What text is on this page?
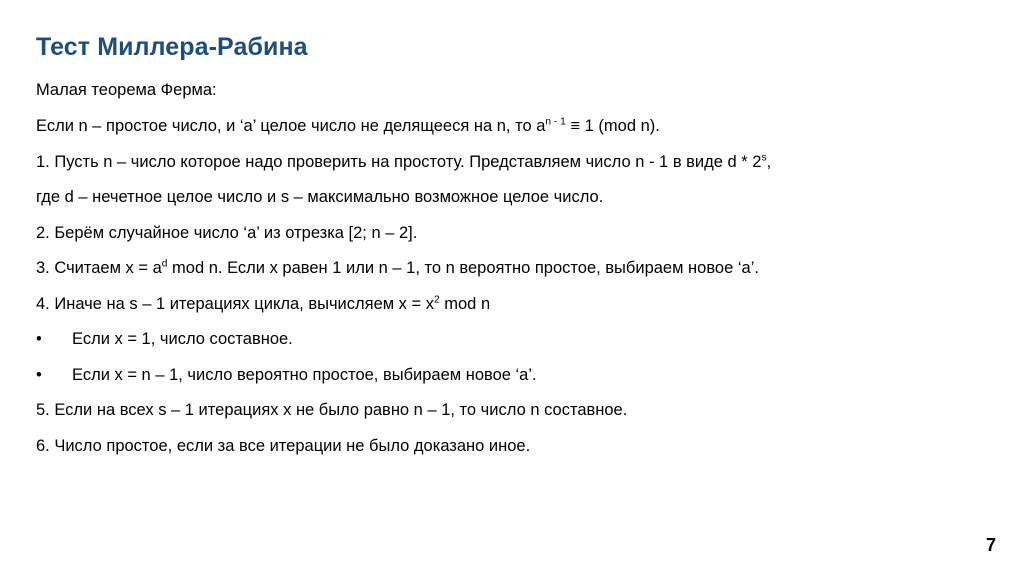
Тест Миллера-Рабина

Малая теорема Ферма:

Если n – простое число, и ‘a’ целое число не делящееся на n, то $a^{n - 1} \equiv 1$ (mod n).

1. Пусть n – число которое надо проверить на простоту. Представляем число n - 1 в виде d * 2$^s$,

где d – нечетное целое число и s – максимально возможное целое число.

2. Берём случайное число ‘a’ из отрезка [2; n – 2].

3. Считаем $x = a^d$ mod n. Если x равен 1 или n – 1, то n вероятно простое, выбираем новое ‘a’.

4. Иначе на s – 1 итерациях цикла, вычисляем $x = x^2$ mod n

•	Если x = 1, число составное.
•	Если x = n – 1, число вероятно простое, выбираем новое ‘a’.

5. Если на всех s – 1 итерациях x не было равно n – 1, то число n составное.

6. Число простое, если за все итерации не было доказано иное.

7
